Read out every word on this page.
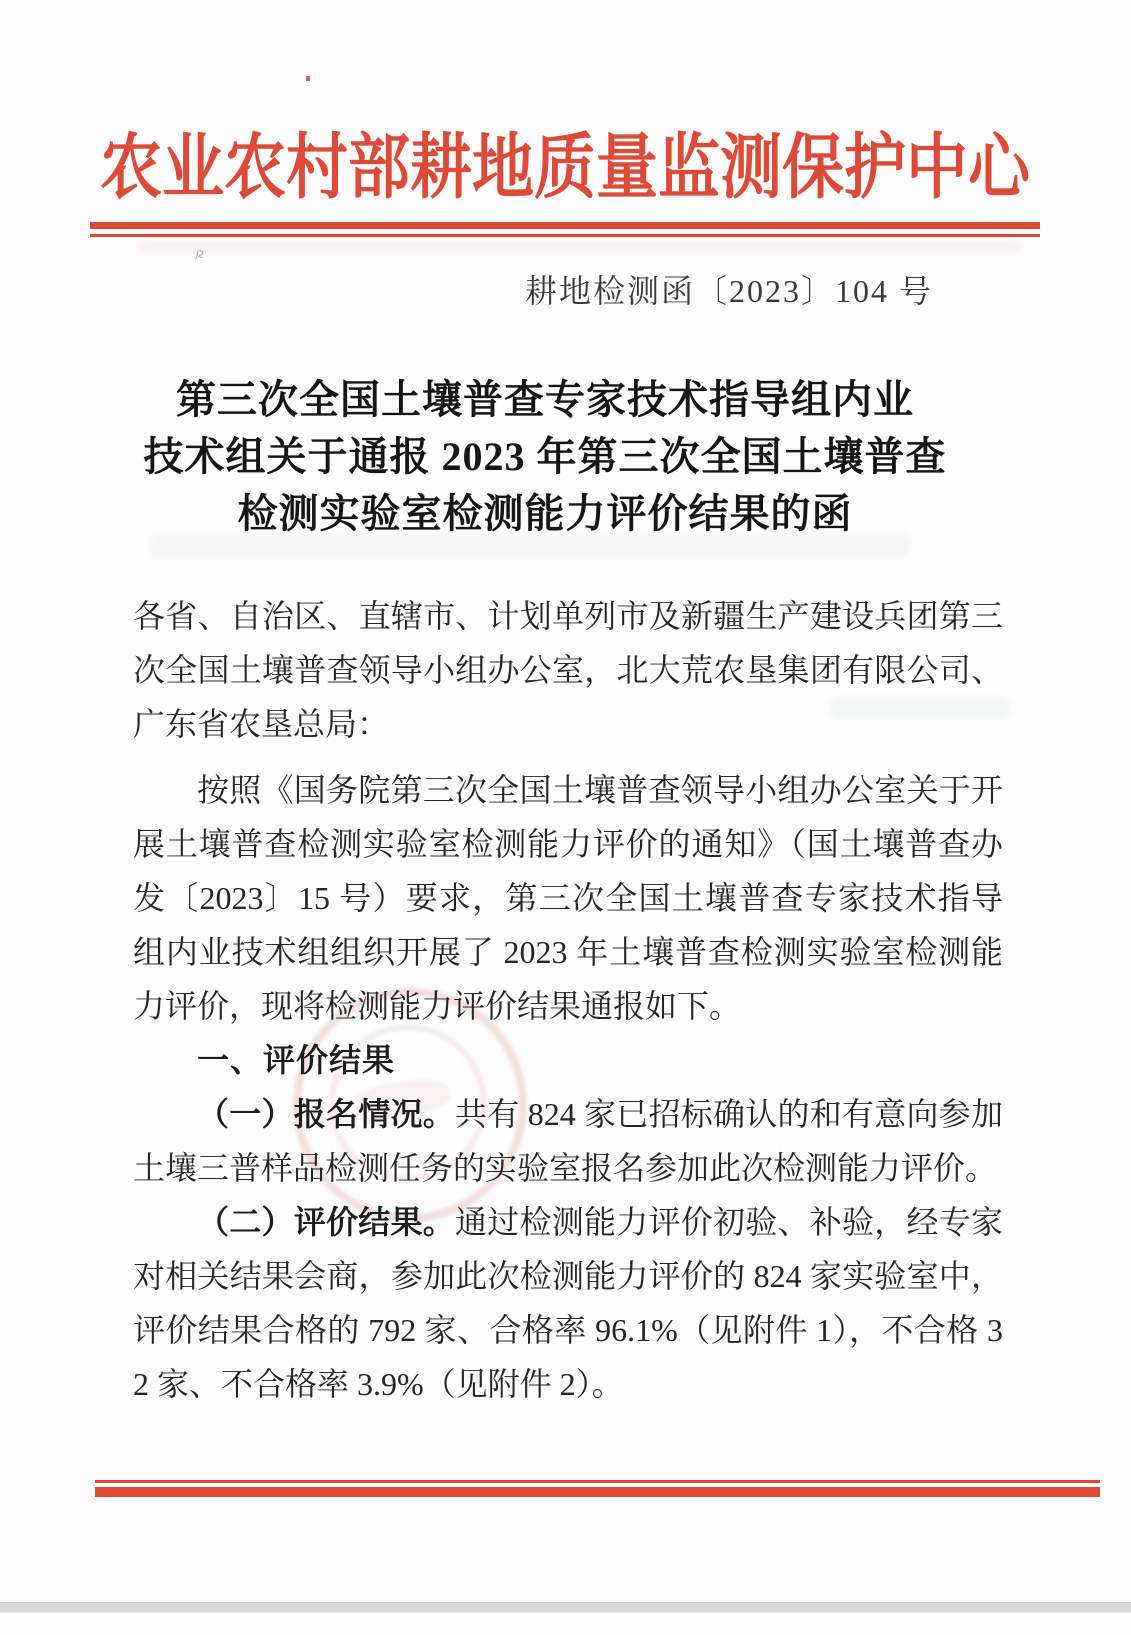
ʲ²
农业农村部耕地质量监测保护中心
耕地检测函〔2023〕104 号
第三次全国土壤普查专家技术指导组内业
技术组关于通报 2023 年第三次全国土壤普查
检测实验室检测能力评价结果的函

各省、自治区、直辖市、计划单列市及新疆生产建设兵团第三次全国土壤普查领导小组办公室，北大荒农垦集团有限公司、广东省农垦总局：

按照《国务院第三次全国土壤普查领导小组办公室关于开展土壤普查检测实验室检测能力评价的通知》（国土壤普查办发〔2023〕15 号）要求，第三次全国土壤普查专家技术指导组内业技术组组织开展了 2023 年土壤普查检测实验室检测能力评价，现将检测能力评价结果通报如下。

一、评价结果

（一）报名情况。共有 824 家已招标确认的和有意向参加土壤三普样品检测任务的实验室报名参加此次检测能力评价。

（二）评价结果。通过检测能力评价初验、补验，经专家对相关结果会商，参加此次检测能力评价的 824 家实验室中，评价结果合格的 792 家、合格率 96.1%（见附件 1），不合格 32 家、不合格率 3.9%（见附件 2）。
